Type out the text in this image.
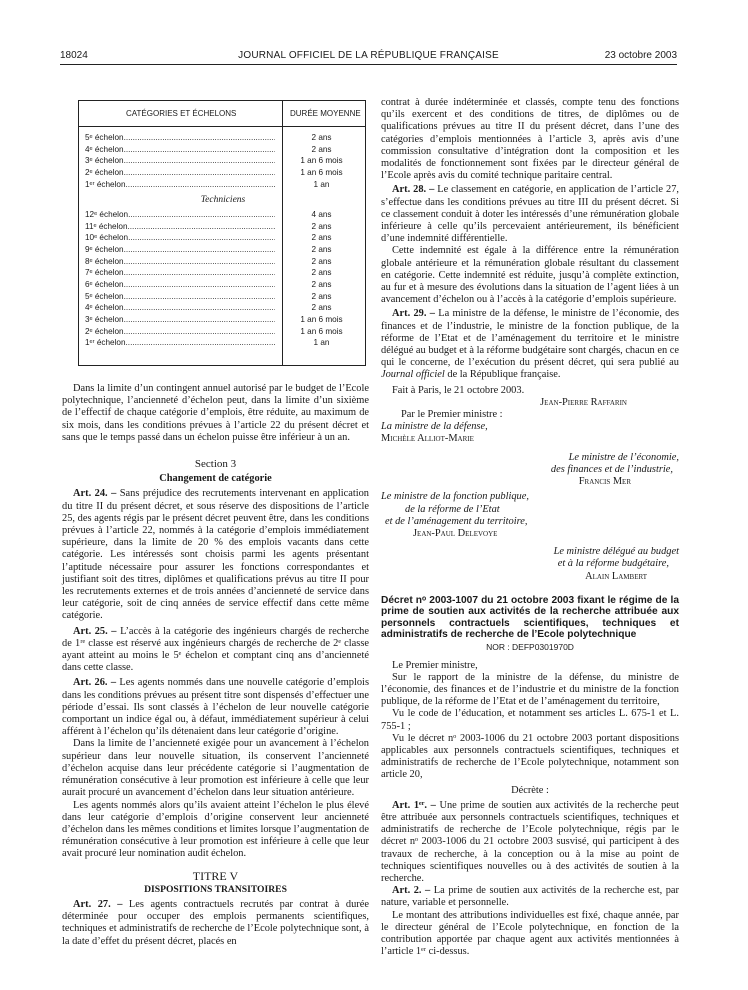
18024	JOURNAL OFFICIEL DE LA RÉPUBLIQUE FRANÇAISE	23 octobre 2003
CATÉGORIES ET ÉCHELONS	DURÉE MOYENNE
5ᵉ échelon .....	2 ans
4ᵉ échelon .....	2 ans
3ᵉ échelon .....	1 an 6 mois
2ᵉ échelon .....	1 an 6 mois
1ᵉʳ échelon .....	1 an
Techniciens
12ᵉ échelon .....	4 ans
11ᵉ échelon .....	2 ans
10ᵉ échelon .....	2 ans
9ᵉ échelon .....	2 ans
8ᵉ échelon .....	2 ans
7ᵉ échelon .....	2 ans
6ᵉ échelon .....	2 ans
5ᵉ échelon .....	2 ans
4ᵉ échelon .....	2 ans
3ᵉ échelon .....	1 an 6 mois
2ᵉ échelon .....	1 an 6 mois
1ᵉʳ échelon .....	1 an

Dans la limite d’un contingent annuel autorisé par le budget de l’Ecole polytechnique, l’ancienneté d’échelon peut, dans la limite d’un sixième de l’effectif de chaque catégorie d’emplois, être réduite, au maximum de six mois, dans les conditions prévues à l’article 22 du présent décret et sans que le temps passé dans un échelon puisse être inférieur à un an.

Section 3

Changement de catégorie

Art. 24. – Sans préjudice des recrutements intervenant en application du titre II du présent décret, et sous réserve des dispositions de l’article 25, des agents régis par le présent décret peuvent être, dans les conditions prévues à l’article 22, nommés à la catégorie d’emplois immédiatement supérieure, dans la limite de 20 % des emplois vacants dans cette catégorie. Les intéressés sont choisis parmi les agents présentant l’aptitude nécessaire pour assurer les fonctions correspondantes et justifiant soit des titres, diplômes et qualifications prévus au titre II pour les recrutements externes et de trois années d’ancienneté de service dans leur catégorie, soit de cinq années de service effectif dans cette même catégorie.

Art. 25. – L’accès à la catégorie des ingénieurs chargés de recherche de 1ʳᵉ classe est réservé aux ingénieurs chargés de recherche de 2ᵉ classe ayant atteint au moins le 5ᵉ échelon et comptant cinq ans d’ancienneté dans cette classe.

Art. 26. – Les agents nommés dans une nouvelle catégorie d’emplois dans les conditions prévues au présent titre sont dispensés d’effectuer une période d’essai. Ils sont classés à l’échelon de leur nouvelle catégorie comportant un indice égal ou, à défaut, immédiatement supérieur à celui afférent à l’échelon qu’ils détenaient dans leur catégorie d’origine.

Dans la limite de l’ancienneté exigée pour un avancement à l’échelon supérieur dans leur nouvelle situation, ils conservent l’ancienneté d’échelon acquise dans leur précédente catégorie si l’augmentation de rémunération consécutive à leur promotion est inférieure à celle que leur aurait procuré un avancement d’échelon dans leur situation antérieure.

Les agents nommés alors qu’ils avaient atteint l’échelon le plus élevé dans leur catégorie d’emplois d’origine conservent leur ancienneté d’échelon dans les mêmes conditions et limites lorsque l’augmentation de rémunération consécutive à leur promotion est inférieure à celle que leur avait procuré leur nomination audit échelon.

TITRE V

DISPOSITIONS TRANSITOIRES

Art. 27. – Les agents contractuels recrutés par contrat à durée déterminée pour occuper des emplois permanents scientifiques, techniques et administratifs de recherche de l’Ecole polytechnique sont, à la date d’effet du présent décret, placés en

contrat à durée indéterminée et classés, compte tenu des fonctions qu’ils exercent et des conditions de titres, de diplômes ou de qualifications prévues au titre II du présent décret, dans l’une des catégories d’emplois mentionnées à l’article 3, après avis d’une commission consultative d’intégration dont la composition et les modalités de fonctionnement sont fixées par le directeur général de l’Ecole après avis du comité technique paritaire central.

Art. 28. – Le classement en catégorie, en application de l’article 27, s’effectue dans les conditions prévues au titre III du présent décret. Si ce classement conduit à doter les intéressés d’une rémunération globale inférieure à celle qu’ils percevaient antérieurement, ils bénéficient d’une indemnité différentielle.

Cette indemnité est égale à la différence entre la rémunération globale antérieure et la rémunération globale résultant du classement en catégorie. Cette indemnité est réduite, jusqu’à complète extinction, au fur et à mesure des évolutions dans la situation de l’agent liées à un avancement d’échelon ou à l’accès à la catégorie d’emplois supérieure.

Art. 29. – La ministre de la défense, le ministre de l’économie, des finances et de l’industrie, le ministre de la fonction publique, de la réforme de l’Etat et de l’aménagement du territoire et le ministre délégué au budget et à la réforme budgétaire sont chargés, chacun en ce qui le concerne, de l’exécution du présent décret, qui sera publié au Journal officiel de la République française.

Fait à Paris, le 21 octobre 2003.

Jean-Pierre Raffarin

Par le Premier ministre :

La ministre de la défense,

Michèle Alliot-Marie

Le ministre de l’économie,

des finances et de l’industrie,

Francis Mer

Le ministre de la fonction publique,

de la réforme de l’Etat

et de l’aménagement du territoire,

Jean-Paul Delevoye

Le ministre délégué au budget

et à la réforme budgétaire,

Alain Lambert

Décret nᵒ 2003-1007 du 21 octobre 2003 fixant le régime de la prime de soutien aux activités de la recherche attribuée aux personnels contractuels scientifiques, techniques et administratifs de recherche de l’Ecole polytechnique

NOR : DEFP0301970D

Le Premier ministre,

Sur le rapport de la ministre de la défense, du ministre de l’économie, des finances et de l’industrie et du ministre de la fonction publique, de la réforme de l’Etat et de l’aménagement du territoire,

Vu le code de l’éducation, et notamment ses articles L. 675-1 et L. 755-1 ;

Vu le décret nᵒ 2003-1006 du 21 octobre 2003 portant dispositions applicables aux personnels contractuels scientifiques, techniques et administratifs de recherche de l’Ecole polytechnique, notamment son article 20,

Décrète :

Art. 1ᵉʳ. – Une prime de soutien aux activités de la recherche peut être attribuée aux personnels contractuels scientifiques, techniques et administratifs de recherche de l’Ecole polytechnique, régis par le décret nᵒ 2003-1006 du 21 octobre 2003 susvisé, qui participent à des travaux de recherche, à la conception ou à la mise au point de techniques scientifiques nouvelles ou à des activités de soutien à la recherche.

Art. 2. – La prime de soutien aux activités de la recherche est, par nature, variable et personnelle.

Le montant des attributions individuelles est fixé, chaque année, par le directeur général de l’Ecole polytechnique, en fonction de la contribution apportée par chaque agent aux activités mentionnées à l’article 1ᵉʳ ci-dessus.
